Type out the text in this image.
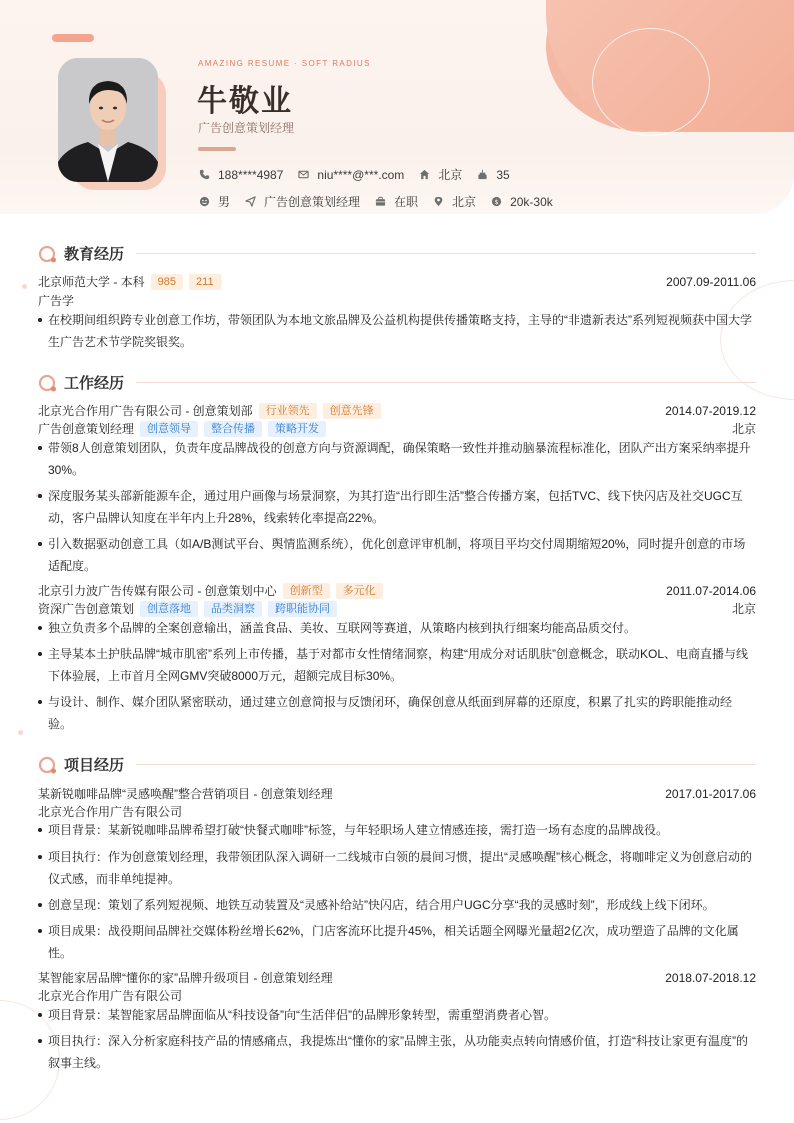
AMAZING RESUME · SOFT RADIUS
牛敬业
广告创意策划经理
188****4987	niu****@***.com	北京	35
男	广告创意策划经理	在职	北京	$ 20k-30k
教育经历
北京师范大学 - 本科	985	211	2007.09-2011.06
广告学
在校期间组织跨专业创意工作坊，带领团队为本地文旅品牌及公益机构提供传播策略支持，主导的“非遗新表达”系列短视频获中国大学生广告艺术节学院奖银奖。
工作经历
北京光合作用广告有限公司 - 创意策划部	行业领先	创意先锋	2014.07-2019.12
广告创意策划经理	创意领导	整合传播	策略开发	北京
带领8人创意策划团队，负责年度品牌战役的创意方向与资源调配，确保策略一致性并推动脑暴流程标准化，团队产出方案采纳率提升30%。
深度服务某头部新能源车企，通过用户画像与场景洞察，为其打造“出行即生活”整合传播方案，包括TVC、线下快闪店及社交UGC互动，客户品牌认知度在半年内上升28%，线索转化率提高22%。
引入数据驱动创意工具（如A/B测试平台、舆情监测系统），优化创意评审机制，将项目平均交付周期缩短20%，同时提升创意的市场适配度。
北京引力波广告传媒有限公司 - 创意策划中心	创新型	多元化	2011.07-2014.06
资深广告创意策划	创意落地	品类洞察	跨职能协同	北京
独立负责多个品牌的全案创意输出，涵盖食品、美妆、互联网等赛道，从策略内核到执行细案均能高品质交付。
主导某本土护肤品牌“城市肌密”系列上市传播，基于对都市女性情绪洞察，构建“用成分对话肌肤”创意概念，联动KOL、电商直播与线下体验展，上市首月全网GMV突破8000万元，超额完成目标30%。
与设计、制作、媒介团队紧密联动，通过建立创意简报与反馈闭环，确保创意从纸面到屏幕的还原度，积累了扎实的跨职能推动经验。
项目经历
某新锐咖啡品牌“灵感唤醒”整合营销项目 - 创意策划经理	2017.01-2017.06
北京光合作用广告有限公司
项目背景：某新锐咖啡品牌希望打破“快餐式咖啡”标签，与年轻职场人建立情感连接，需打造一场有态度的品牌战役。
项目执行：作为创意策划经理，我带领团队深入调研一二线城市白领的晨间习惯，提出“灵感唤醒”核心概念，将咖啡定义为创意启动的仪式感，而非单纯提神。
创意呈现：策划了系列短视频、地铁互动装置及“灵感补给站”快闪店，结合用户UGC分享“我的灵感时刻”，形成线上线下闭环。
项目成果：战役期间品牌社交媒体粉丝增长62%，门店客流环比提升45%，相关话题全网曝光量超2亿次，成功塑造了品牌的文化属性。
某智能家居品牌“懂你的家”品牌升级项目 - 创意策划经理	2018.07-2018.12
北京光合作用广告有限公司
项目背景：某智能家居品牌面临从“科技设备”向“生活伴侣”的品牌形象转型，需重塑消费者心智。
项目执行：深入分析家庭科技产品的情感痛点，我提炼出“懂你的家”品牌主张，从功能卖点转向情感价值，打造“科技让家更有温度”的叙事主线。
